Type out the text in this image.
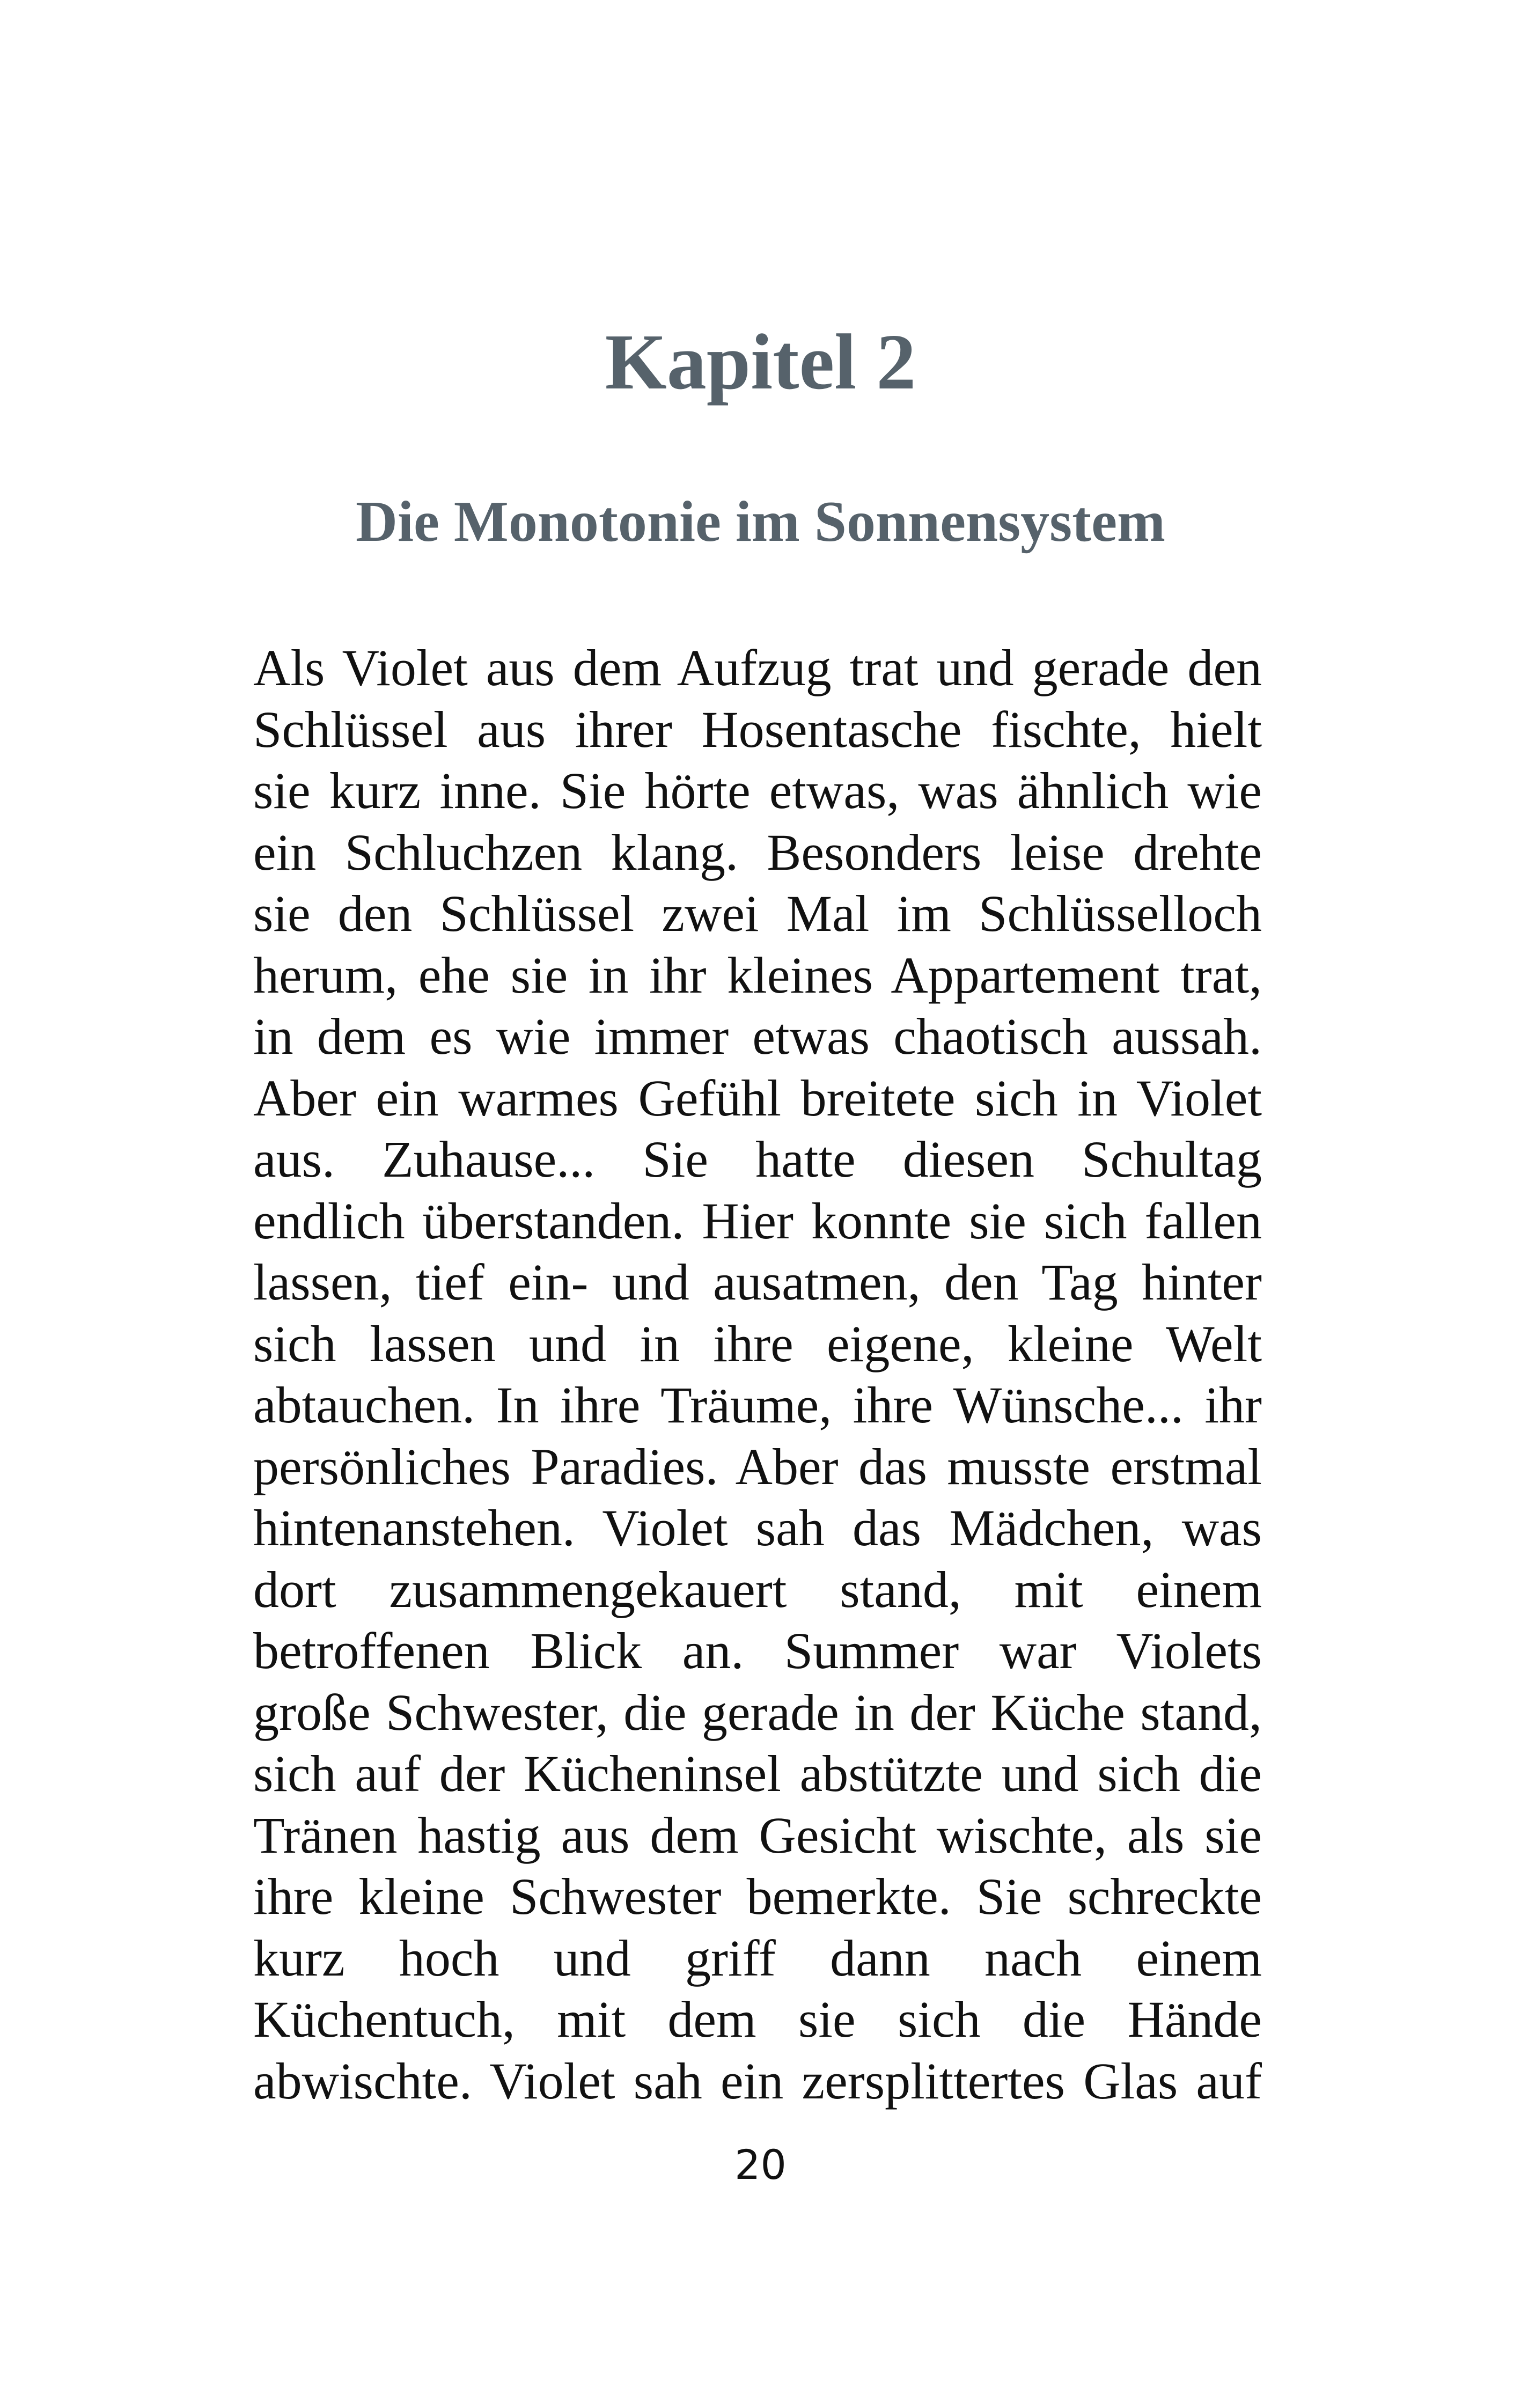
Kapitel 2
Die Monotonie im Sonnensystem
Als Violet aus dem Aufzug trat und gerade den
Schlüssel aus ihrer Hosentasche fischte, hielt
sie kurz inne. Sie hörte etwas, was ähnlich wie
ein Schluchzen klang. Besonders leise drehte
sie den Schlüssel zwei Mal im Schlüsselloch
herum, ehe sie in ihr kleines Appartement trat,
in dem es wie immer etwas chaotisch aussah.
Aber ein warmes Gefühl breitete sich in Violet
aus. Zuhause... Sie hatte diesen Schultag
endlich überstanden. Hier konnte sie sich fallen
lassen, tief ein- und ausatmen, den Tag hinter
sich lassen und in ihre eigene, kleine Welt
abtauchen. In ihre Träume, ihre Wünsche... ihr
persönliches Paradies. Aber das musste erstmal
hintenanstehen. Violet sah das Mädchen, was
dort zusammengekauert stand, mit einem
betroffenen Blick an. Summer war Violets
große Schwester, die gerade in der Küche stand,
sich auf der Kücheninsel abstützte und sich die
Tränen hastig aus dem Gesicht wischte, als sie
ihre kleine Schwester bemerkte. Sie schreckte
kurz hoch und griff dann nach einem
Küchentuch, mit dem sie sich die Hände
abwischte. Violet sah ein zersplittertes Glas auf
20
